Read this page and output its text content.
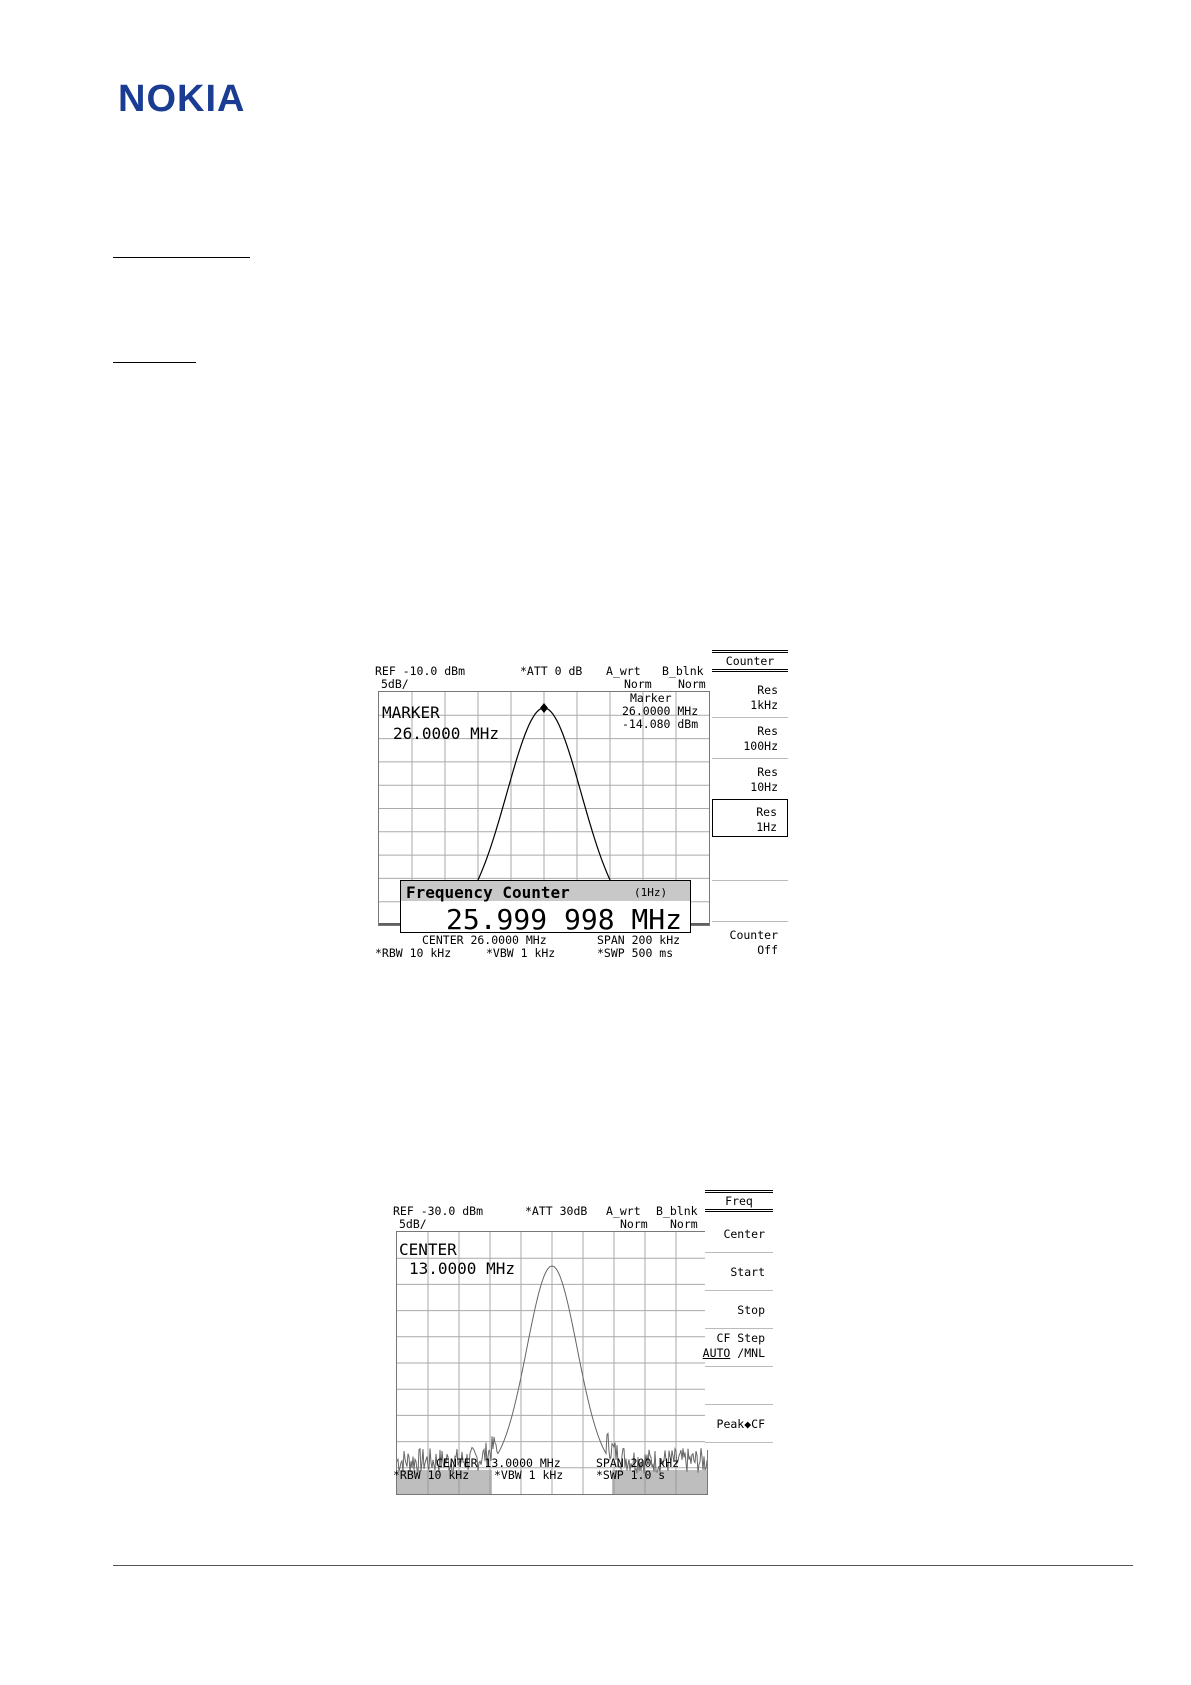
NOKIA
REF -10.0 dBm
5dB/
*ATT 0 dB A_wrt B_blnk
Norm Norm
MARKER
26.0000 MHz
Marker
26.0000 MHz
-14.080 dBm
Frequency Counter	(1Hz)
25.999 998 MHz
CENTER 26.0000 MHz	SPAN 200 kHz
*RBW 10 kHz	*VBW 1 kHz	*SWP 500 ms
Counter
Res
1kHz
Res
100Hz
Res
10Hz
Res
1Hz
Counter
Off
REF -30.0 dBm
5dB/
*ATT 30dB A_wrt B_blnk
Norm Norm
CENTER
13.0000 MHz
CENTER 13.0000 MHz	SPAN 200 kHz
*RBW 10 kHz *VBW 1 kHz	*SWP 1.0 s
Freq
Center
Start
Stop
CF Step
AUTO /MNL
Peak◆CF
